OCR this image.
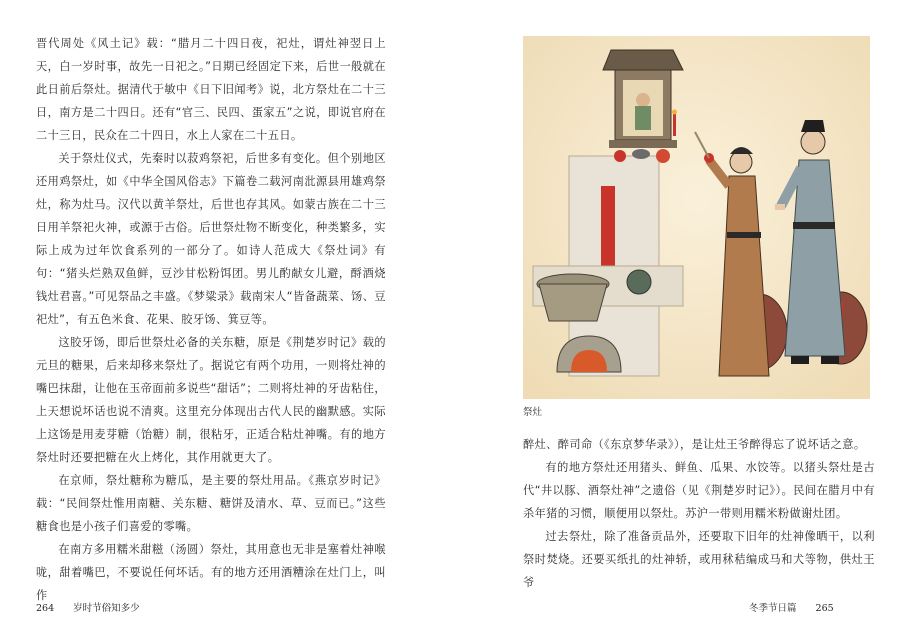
晋代周处《风土记》载：“腊月二十四日夜，祀灶，谓灶神翌日上天，白一岁时事，故先一日祀之。”日期已经固定下来，后世一般就在此日前后祭灶。据清代于敏中《日下旧闻考》说，北方祭灶在二十三日，南方是二十四日。还有“官三、民四、蛋家五”之说，即说官府在二十三日，民众在二十四日，水上人家在二十五日。

关于祭灶仪式，先秦时以菽鸡祭祀，后世多有变化。但个别地区还用鸡祭灶，如《中华全国风俗志》下篇卷二载河南沘源县用雄鸡祭灶，称为灶马。汉代以黄羊祭灶，后世也存其风。如蒙古族在二十三日用羊祭祀火神，或源于古俗。后世祭灶物不断变化，种类繁多，实际上成为过年饮食系列的一部分了。如诗人范成大《祭灶词》有句：“猪头烂熟双鱼鲜，豆沙甘松粉饵团。男儿酌献女儿避，酹酒烧钱灶君喜。”可见祭品之丰盛。《梦粱录》载南宋人“皆备蔬菜、饧、豆祀灶”，有五色米食、花果、胶牙饧、箕豆等。

这胶牙饧，即后世祭灶必备的关东糖，原是《荆楚岁时记》载的元旦的糖果，后来却移来祭灶了。据说它有两个功用，一则将灶神的嘴巴抹甜，让他在玉帝面前多说些“甜话”；二则将灶神的牙齿粘住，上天想说坏话也说不清爽。这里充分体现出古代人民的幽默感。实际上这饧是用麦芽糖（饴糖）制，很粘牙，正适合粘灶神嘴。有的地方祭灶时还要把糖在火上烤化，其作用就更大了。

在京师，祭灶糖称为糖瓜，是主要的祭灶用品。《燕京岁时记》载：“民间祭灶惟用南糖、关东糖、糖饼及清水、草、豆而已。”这些糖食也是小孩子们喜爱的零嘴。

在南方多用糯米甜糍（汤圆）祭灶，其用意也无非是塞着灶神喉咙，甜着嘴巴，不要说任何坏话。有的地方还用酒糟涂在灶门上，叫作

264 岁时节俗知多少
祭灶

醉灶、醉司命（《东京梦华录》），是让灶王爷醉得忘了说坏话之意。

有的地方祭灶还用猪头、鲜鱼、瓜果、水饺等。以猪头祭灶是古代“井以豚、酒祭灶神”之遗俗（见《荆楚岁时记》）。民间在腊月中有杀年猪的习惯，顺便用以祭灶。苏沪一带则用糯米粉做谢灶团。

过去祭灶，除了准备贡品外，还要取下旧年的灶神像晒干，以利祭时焚烧。还要买纸扎的灶神轿，或用秫秸编成马和犬等物，供灶王爷

冬季节日篇 265
